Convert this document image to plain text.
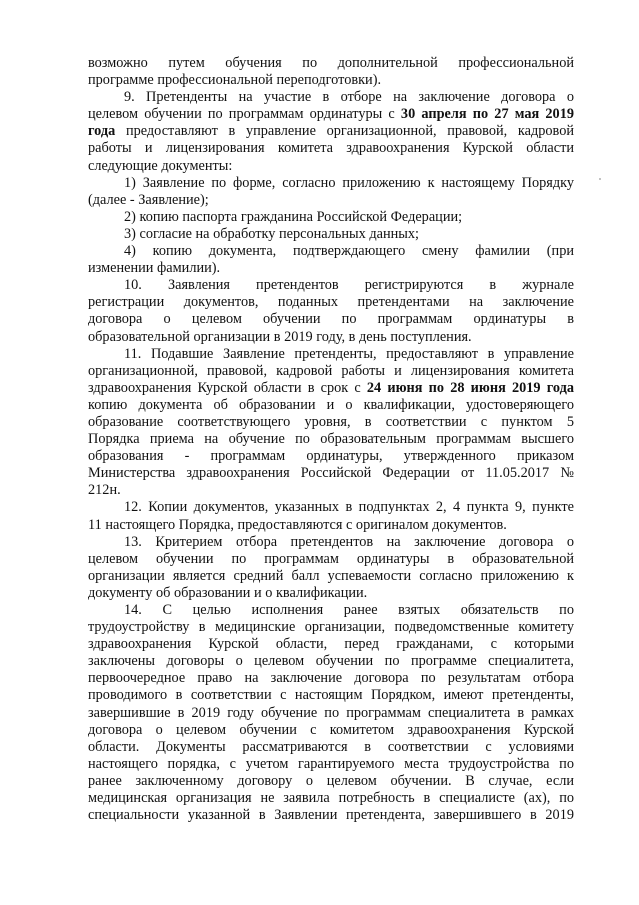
возможно путем обучения по дополнительной профессиональной
программе профессиональной переподготовки).
9. Претенденты на участие в отборе на заключение договора о
целевом обучении по программам ординатуры с 30 апреля по 27 мая 2019
года предоставляют в управление организационной, правовой, кадровой
работы и лицензирования комитета здравоохранения Курской области
следующие документы:
1) Заявление по форме, согласно приложению к настоящему Порядку
(далее - Заявление);
2) копию паспорта гражданина Российской Федерации;
3) согласие на обработку персональных данных;
4) копию документа, подтверждающего смену фамилии (при
изменении фамилии).
10. Заявления претендентов регистрируются в журнале
регистрации документов, поданных претендентами на заключение
договора о целевом обучении по программам ординатуры в
образовательной организации в 2019 году, в день поступления.
11. Подавшие Заявление претенденты, предоставляют в управление
организационной, правовой, кадровой работы и лицензирования комитета
здравоохранения Курской области в срок с 24 июня по 28 июня 2019 года
копию документа об образовании и о квалификации, удостоверяющего
образование соответствующего уровня, в соответствии с пунктом 5
Порядка приема на обучение по образовательным программам высшего
образования - программам ординатуры, утвержденного приказом
Министерства здравоохранения Российской Федерации от 11.05.2017 №
212н.
12. Копии документов, указанных в подпунктах 2, 4 пункта 9, пункте
11 настоящего Порядка, предоставляются с оригиналом документов.
13. Критерием отбора претендентов на заключение договора о
целевом обучении по программам ординатуры в образовательной
организации является средний балл успеваемости согласно приложению к
документу об образовании и о квалификации.
14. С целью исполнения ранее взятых обязательств по
трудоустройству в медицинские организации, подведомственные комитету
здравоохранения Курской области, перед гражданами, с которыми
заключены договоры о целевом обучении по программе специалитета,
первоочередное право на заключение договора по результатам отбора
проводимого в соответствии с настоящим Порядком, имеют претенденты,
завершившие в 2019 году обучение по программам специалитета в рамках
договора о целевом обучении с комитетом здравоохранения Курской
области. Документы рассматриваются в соответствии с условиями
настоящего порядка, с учетом гарантируемого места трудоустройства по
ранее заключенному договору о целевом обучении. В случае, если
медицинская организация не заявила потребность в специалисте (ах), по
специальности указанной в Заявлении претендента, завершившего в 2019
